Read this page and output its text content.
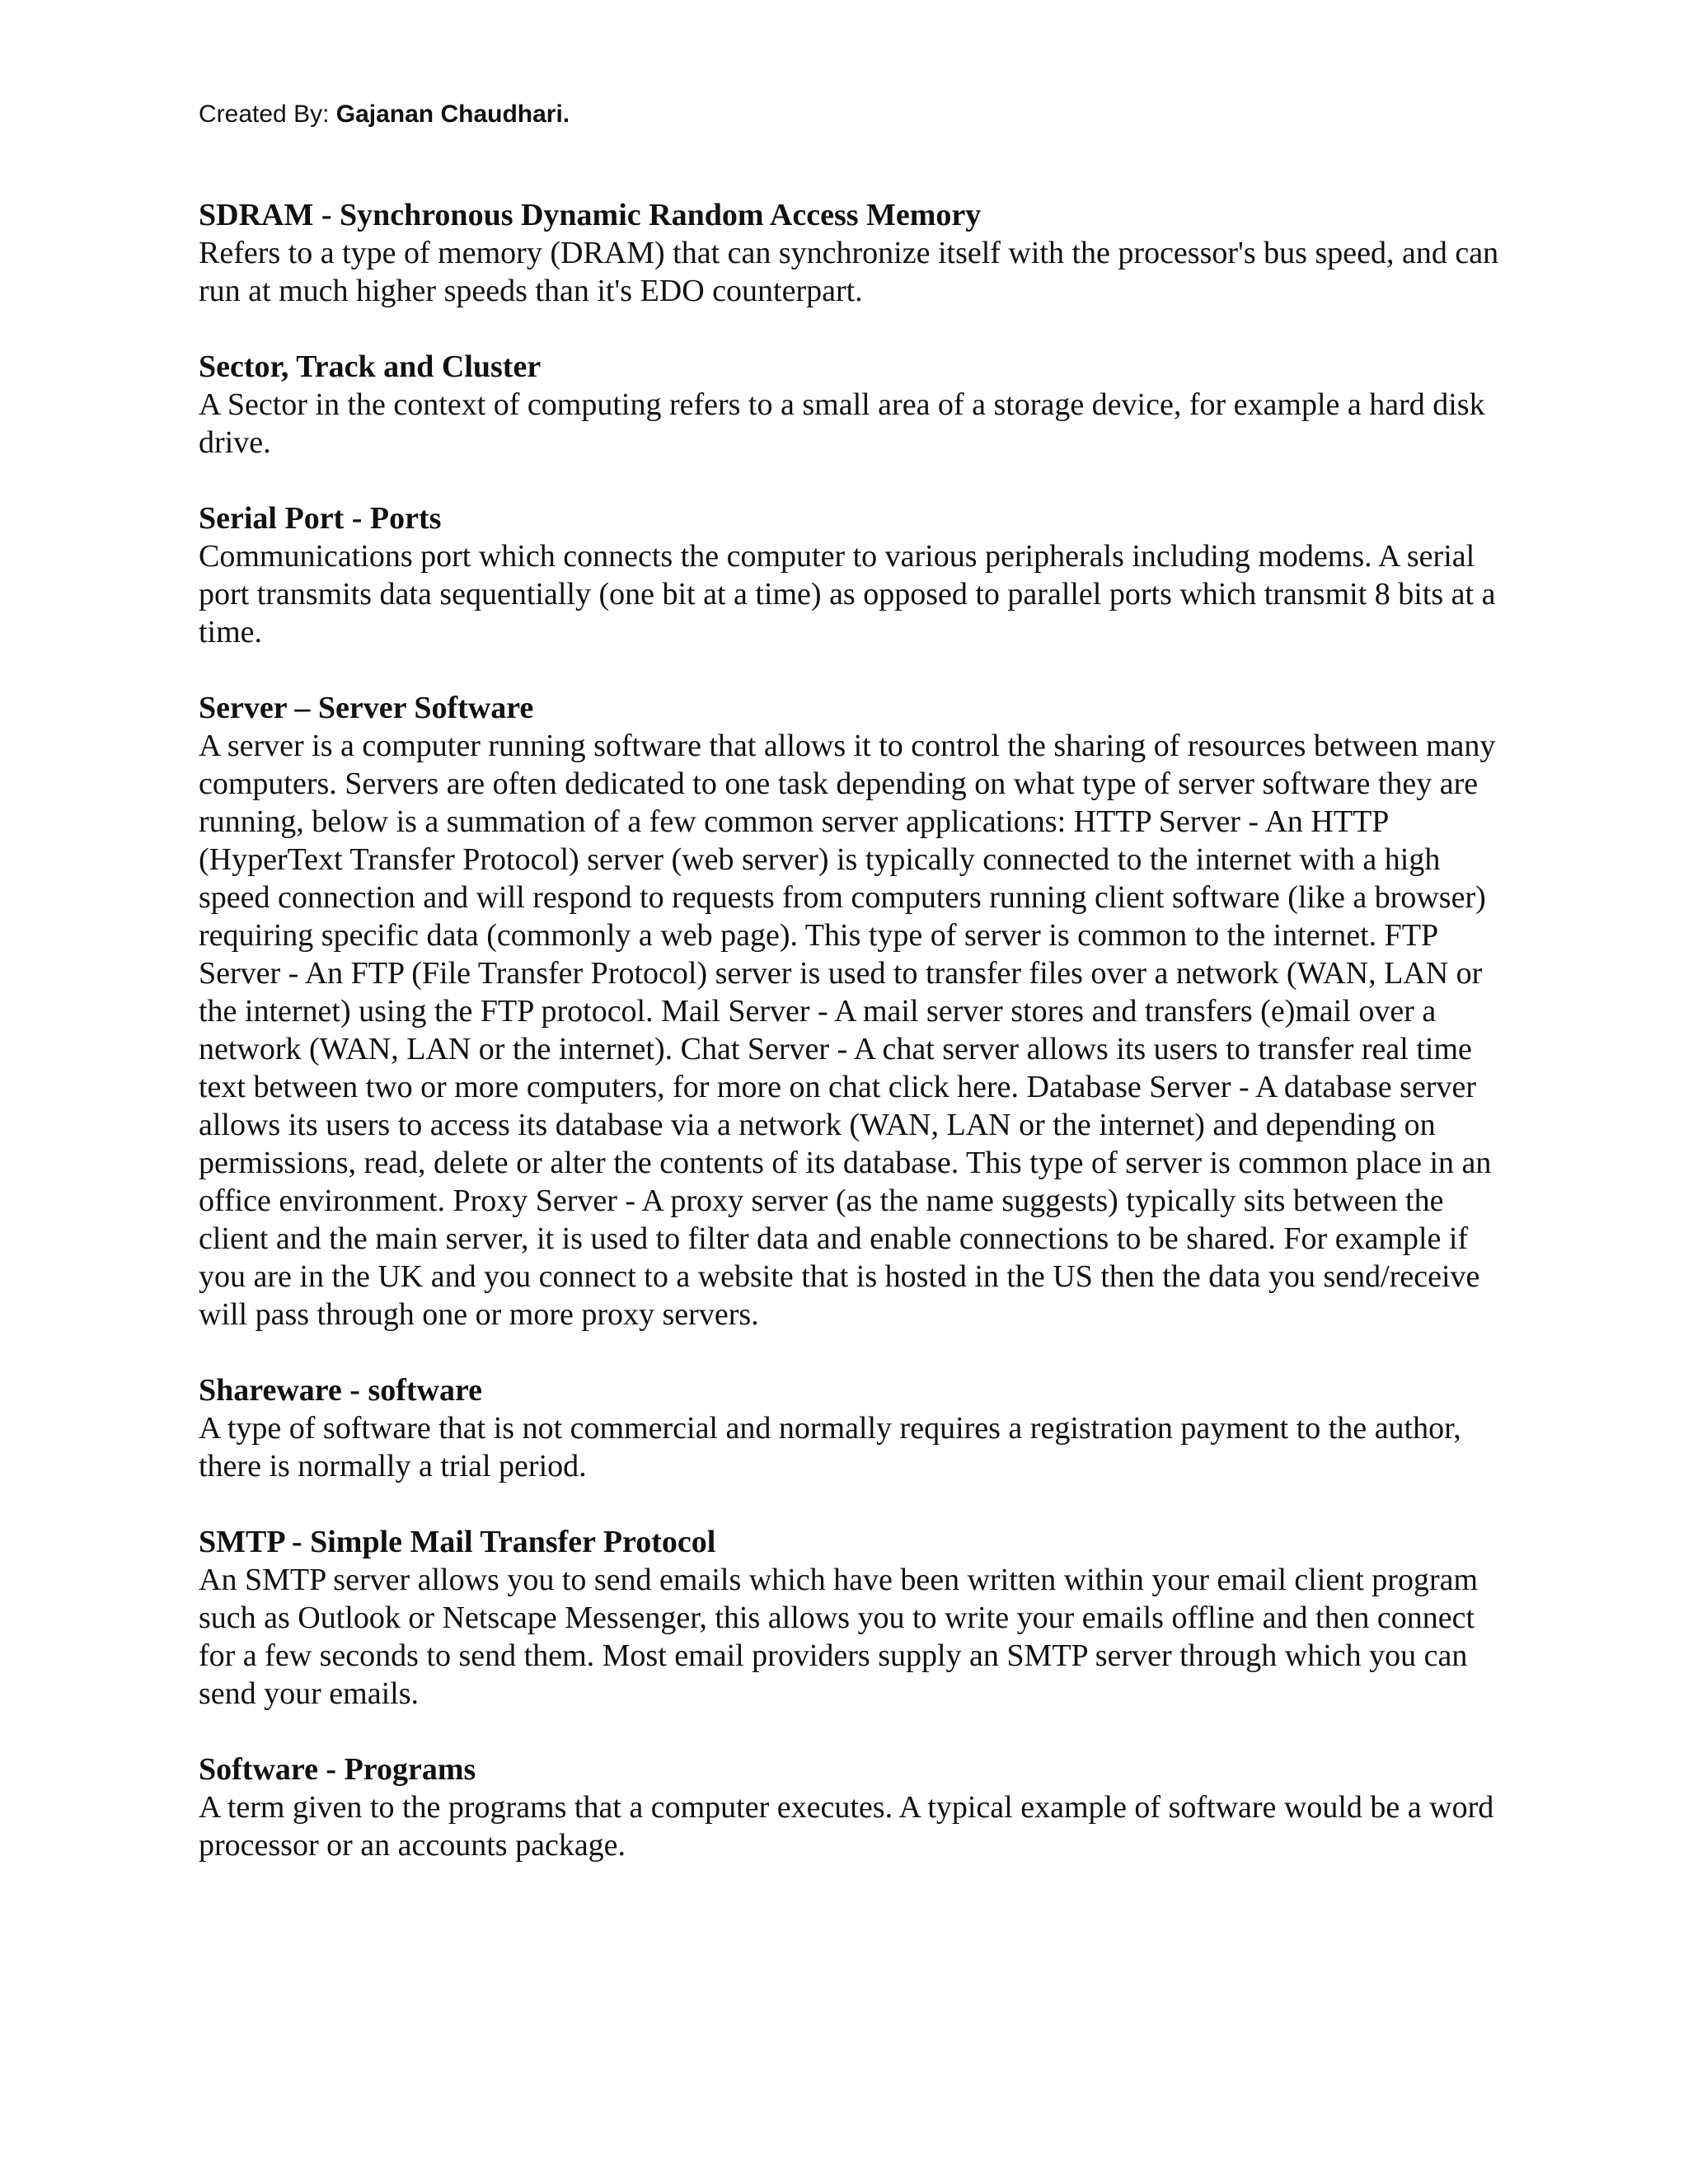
Created By: Gajanan Chaudhari.
SDRAM - Synchronous Dynamic Random Access Memory
Refers to a type of memory (DRAM) that can synchronize itself with the processor's bus speed, and can run at much higher speeds than it's EDO counterpart.
Sector, Track and Cluster
A Sector in the context of computing refers to a small area of a storage device, for example a hard disk drive.
Serial Port - Ports
Communications port which connects the computer to various peripherals including modems. A serial port transmits data sequentially (one bit at a time) as opposed to parallel ports which transmit 8 bits at a time.
Server – Server Software
A server is a computer running software that allows it to control the sharing of resources between many computers. Servers are often dedicated to one task depending on what type of server software they are running, below is a summation of a few common server applications: HTTP Server - An HTTP (HyperText Transfer Protocol) server (web server) is typically connected to the internet with a high speed connection and will respond to requests from computers running client software (like a browser) requiring specific data (commonly a web page). This type of server is common to the internet. FTP Server - An FTP (File Transfer Protocol) server is used to transfer files over a network (WAN, LAN or the internet) using the FTP protocol. Mail Server - A mail server stores and transfers (e)mail over a network (WAN, LAN or the internet). Chat Server - A chat server allows its users to transfer real time text between two or more computers, for more on chat click here. Database Server - A database server allows its users to access its database via a network (WAN, LAN or the internet) and depending on permissions, read, delete or alter the contents of its database. This type of server is common place in an office environment. Proxy Server - A proxy server (as the name suggests) typically sits between the client and the main server, it is used to filter data and enable connections to be shared. For example if you are in the UK and you connect to a website that is hosted in the US then the data you send/receive will pass through one or more proxy servers.
Shareware - software
A type of software that is not commercial and normally requires a registration payment to the author, there is normally a trial period.
SMTP - Simple Mail Transfer Protocol
An SMTP server allows you to send emails which have been written within your email client program such as Outlook or Netscape Messenger, this allows you to write your emails offline and then connect for a few seconds to send them. Most email providers supply an SMTP server through which you can send your emails.
Software - Programs
A term given to the programs that a computer executes. A typical example of software would be a word processor or an accounts package.
